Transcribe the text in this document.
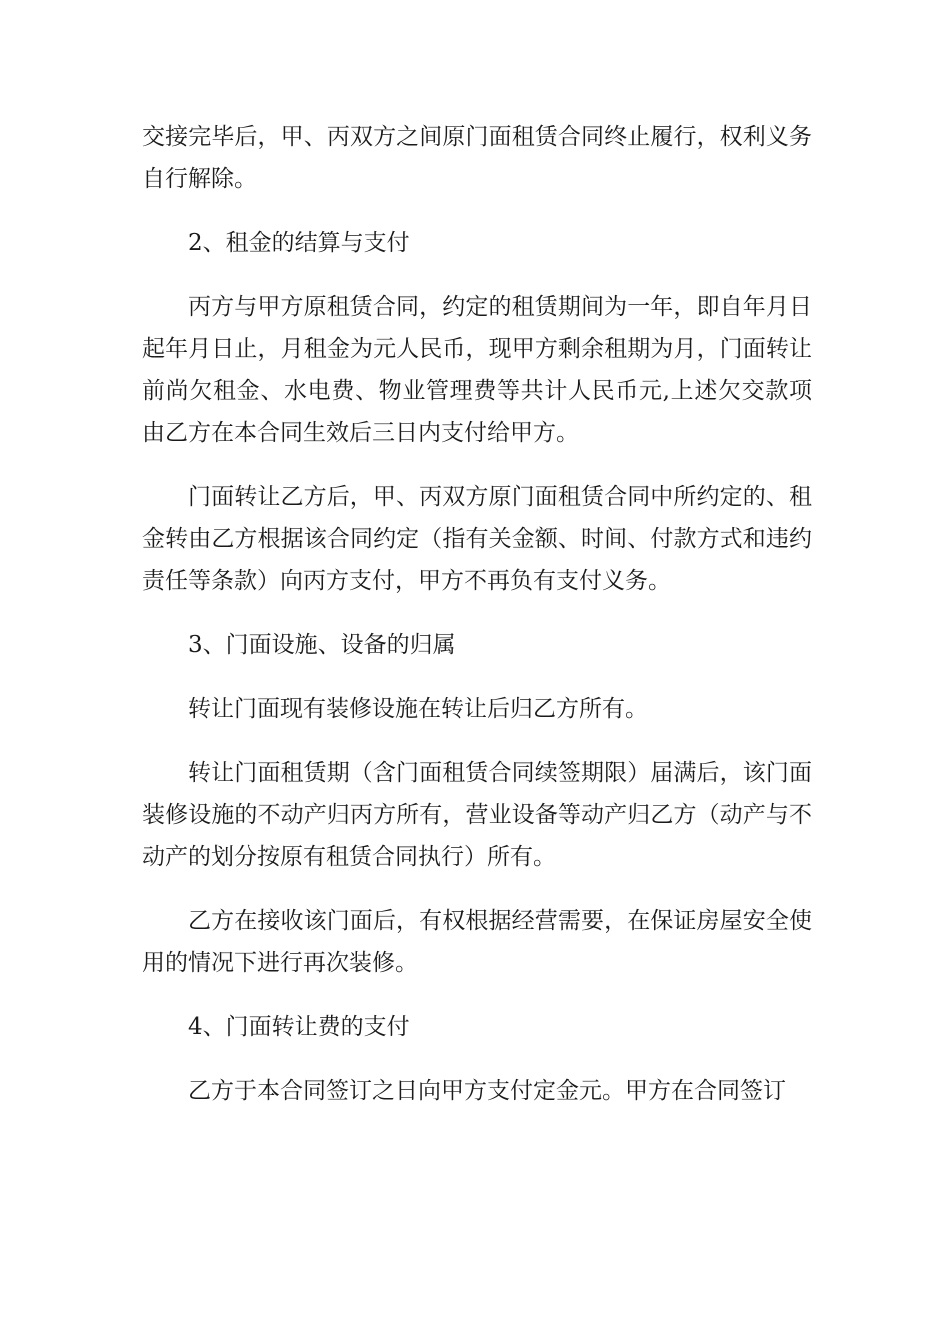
交接完毕后，甲、丙双方之间原门面租赁合同终止履行，权利义务自行解除。

2、租金的结算与支付

丙方与甲方原租赁合同，约定的租赁期间为一年，即自年月日起年月日止，月租金为元人民币，现甲方剩余租期为月，门面转让前尚欠租金、水电费、物业管理费等共计人民币元,上述欠交款项由乙方在本合同生效后三日内支付给甲方。

门面转让乙方后，甲、丙双方原门面租赁合同中所约定的、租金转由乙方根据该合同约定（指有关金额、时间、付款方式和违约责任等条款）向丙方支付，甲方不再负有支付义务。

3、门面设施、设备的归属

转让门面现有装修设施在转让后归乙方所有。

转让门面租赁期（含门面租赁合同续签期限）届满后，该门面装修设施的不动产归丙方所有，营业设备等动产归乙方（动产与不动产的划分按原有租赁合同执行）所有。

乙方在接收该门面后，有权根据经营需要，在保证房屋安全使用的情况下进行再次装修。

4、门面转让费的支付

乙方于本合同签订之日向甲方支付定金元。甲方在合同签订
